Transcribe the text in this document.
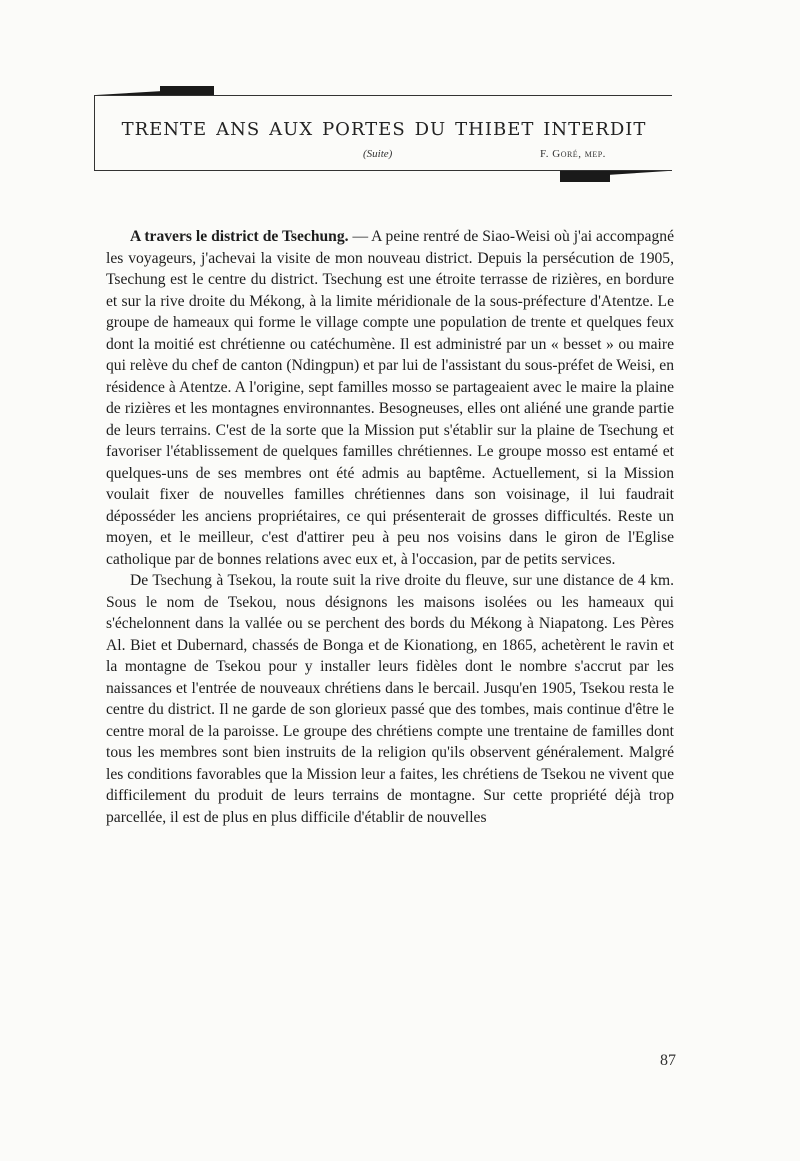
trente ans aux portes du thibet interdit
(Suite)	F. Goré, mep.

A travers le district de Tsechung. — A peine rentré de Siao-Weisi où j'ai accompagné les voyageurs, j'achevai la visite de mon nouveau district. Depuis la persécution de 1905, Tsechung est le centre du district. Tsechung est une étroite terrasse de rizières, en bordure et sur la rive droite du Mékong, à la limite méridionale de la sous-préfecture d'Atentze. Le groupe de hameaux qui forme le village compte une population de trente et quelques feux dont la moitié est chrétienne ou catéchumène. Il est administré par un « besset » ou maire qui relève du chef de canton (Ndingpun) et par lui de l'assistant du sous-préfet de Weisi, en résidence à Atentze. A l'origine, sept familles mosso se partageaient avec le maire la plaine de rizières et les montagnes environnantes. Besogneuses, elles ont aliéné une grande partie de leurs terrains. C'est de la sorte que la Mission put s'établir sur la plaine de Tsechung et favoriser l'établissement de quelques familles chrétiennes. Le groupe mosso est entamé et quelques-uns de ses membres ont été admis au baptême. Actuellement, si la Mission voulait fixer de nouvelles familles chrétiennes dans son voisinage, il lui faudrait déposséder les anciens propriétaires, ce qui présenterait de grosses difficultés. Reste un moyen, et le meilleur, c'est d'attirer peu à peu nos voisins dans le giron de l'Eglise catholique par de bonnes relations avec eux et, à l'occasion, par de petits services.

De Tsechung à Tsekou, la route suit la rive droite du fleuve, sur une distance de 4 km. Sous le nom de Tsekou, nous désignons les maisons isolées ou les hameaux qui s'échelonnent dans la vallée ou se perchent des bords du Mékong à Niapatong. Les Pères Al. Biet et Dubernard, chassés de Bonga et de Kionationg, en 1865, achetèrent le ravin et la montagne de Tsekou pour y installer leurs fidèles dont le nombre s'accrut par les naissances et l'entrée de nouveaux chrétiens dans le bercail. Jusqu'en 1905, Tsekou resta le centre du district. Il ne garde de son glorieux passé que des tombes, mais continue d'être le centre moral de la paroisse. Le groupe des chrétiens compte une trentaine de familles dont tous les membres sont bien instruits de la religion qu'ils observent généralement. Malgré les conditions favorables que la Mission leur a faites, les chrétiens de Tsekou ne vivent que difficilement du produit de leurs terrains de montagne. Sur cette propriété déjà trop parcellée, il est de plus en plus difficile d'établir de nouvelles

87
